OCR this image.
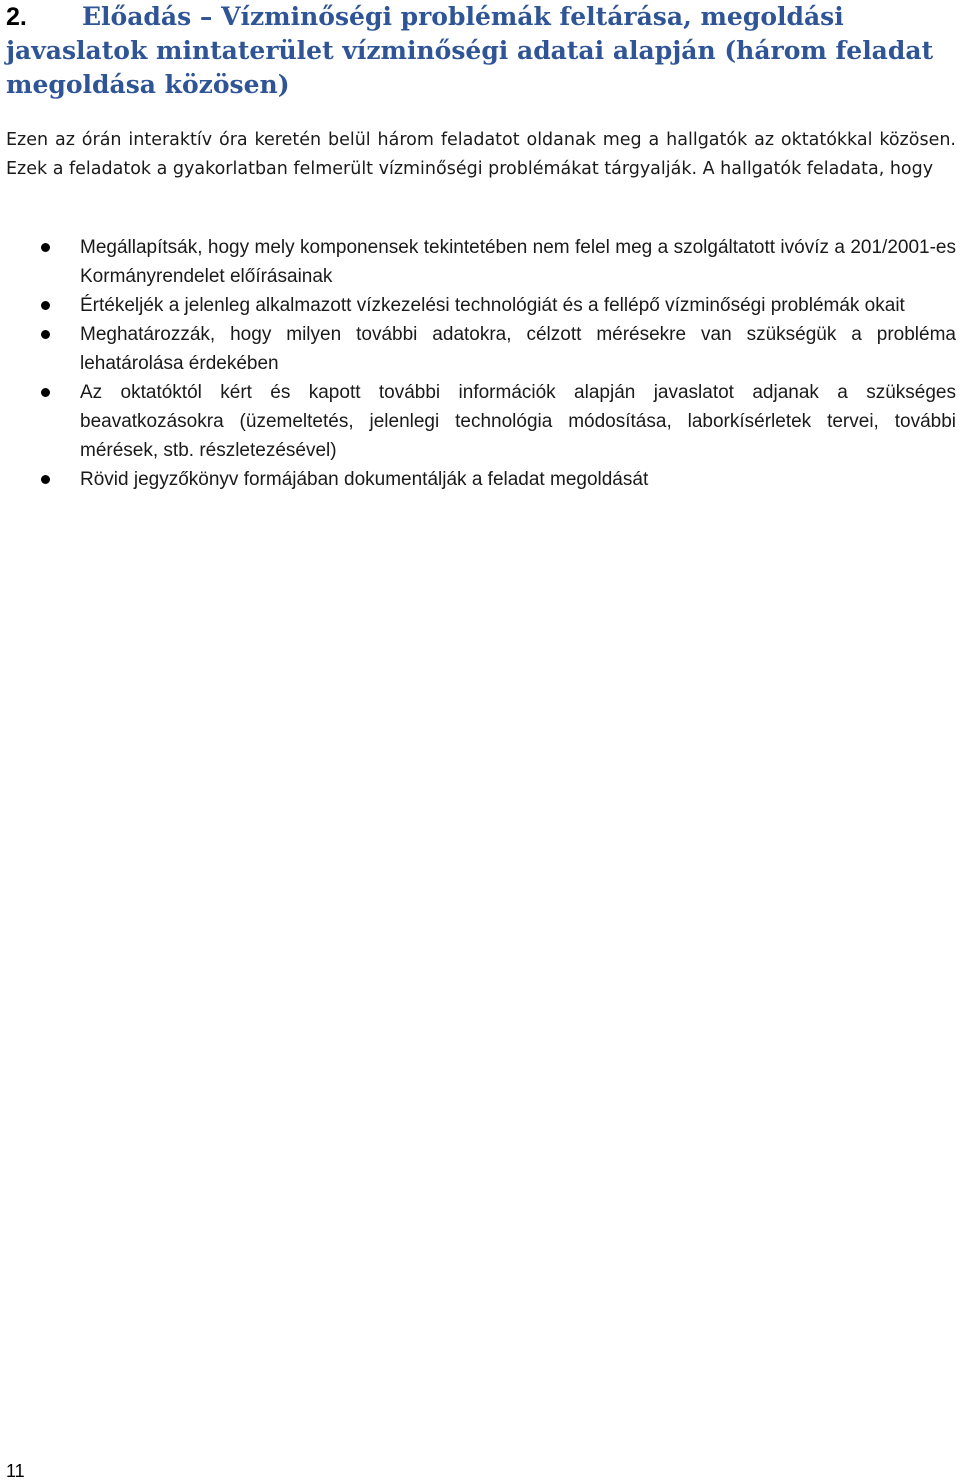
2. Előadás – Vízminőségi problémák feltárása, megoldási javaslatok mintaterület vízminőségi adatai alapján (három feladat megoldása közösen)

Ezen az órán interaktív óra keretén belül három feladatot oldanak meg a hallgatók az oktatókkal közösen. Ezek a feladatok a gyakorlatban felmerült vízminőségi problémákat tárgyalják. A hallgatók feladata, hogy

Megállapítsák, hogy mely komponensek tekintetében nem felel meg a szolgáltatott ivóvíz a 201/2001-es Kormányrendelet előírásainak
Értékeljék a jelenleg alkalmazott vízkezelési technológiát és a fellépő vízminőségi problémák okait
Meghatározzák, hogy milyen további adatokra, célzott mérésekre van szükségük a probléma lehatárolása érdekében
Az oktatóktól kért és kapott további információk alapján javaslatot adjanak a szükséges beavatkozásokra (üzemeltetés, jelenlegi technológia módosítása, laborkísérletek tervei, további mérések, stb. részletezésével)
Rövid jegyzőkönyv formájában dokumentálják a feladat megoldását
11
